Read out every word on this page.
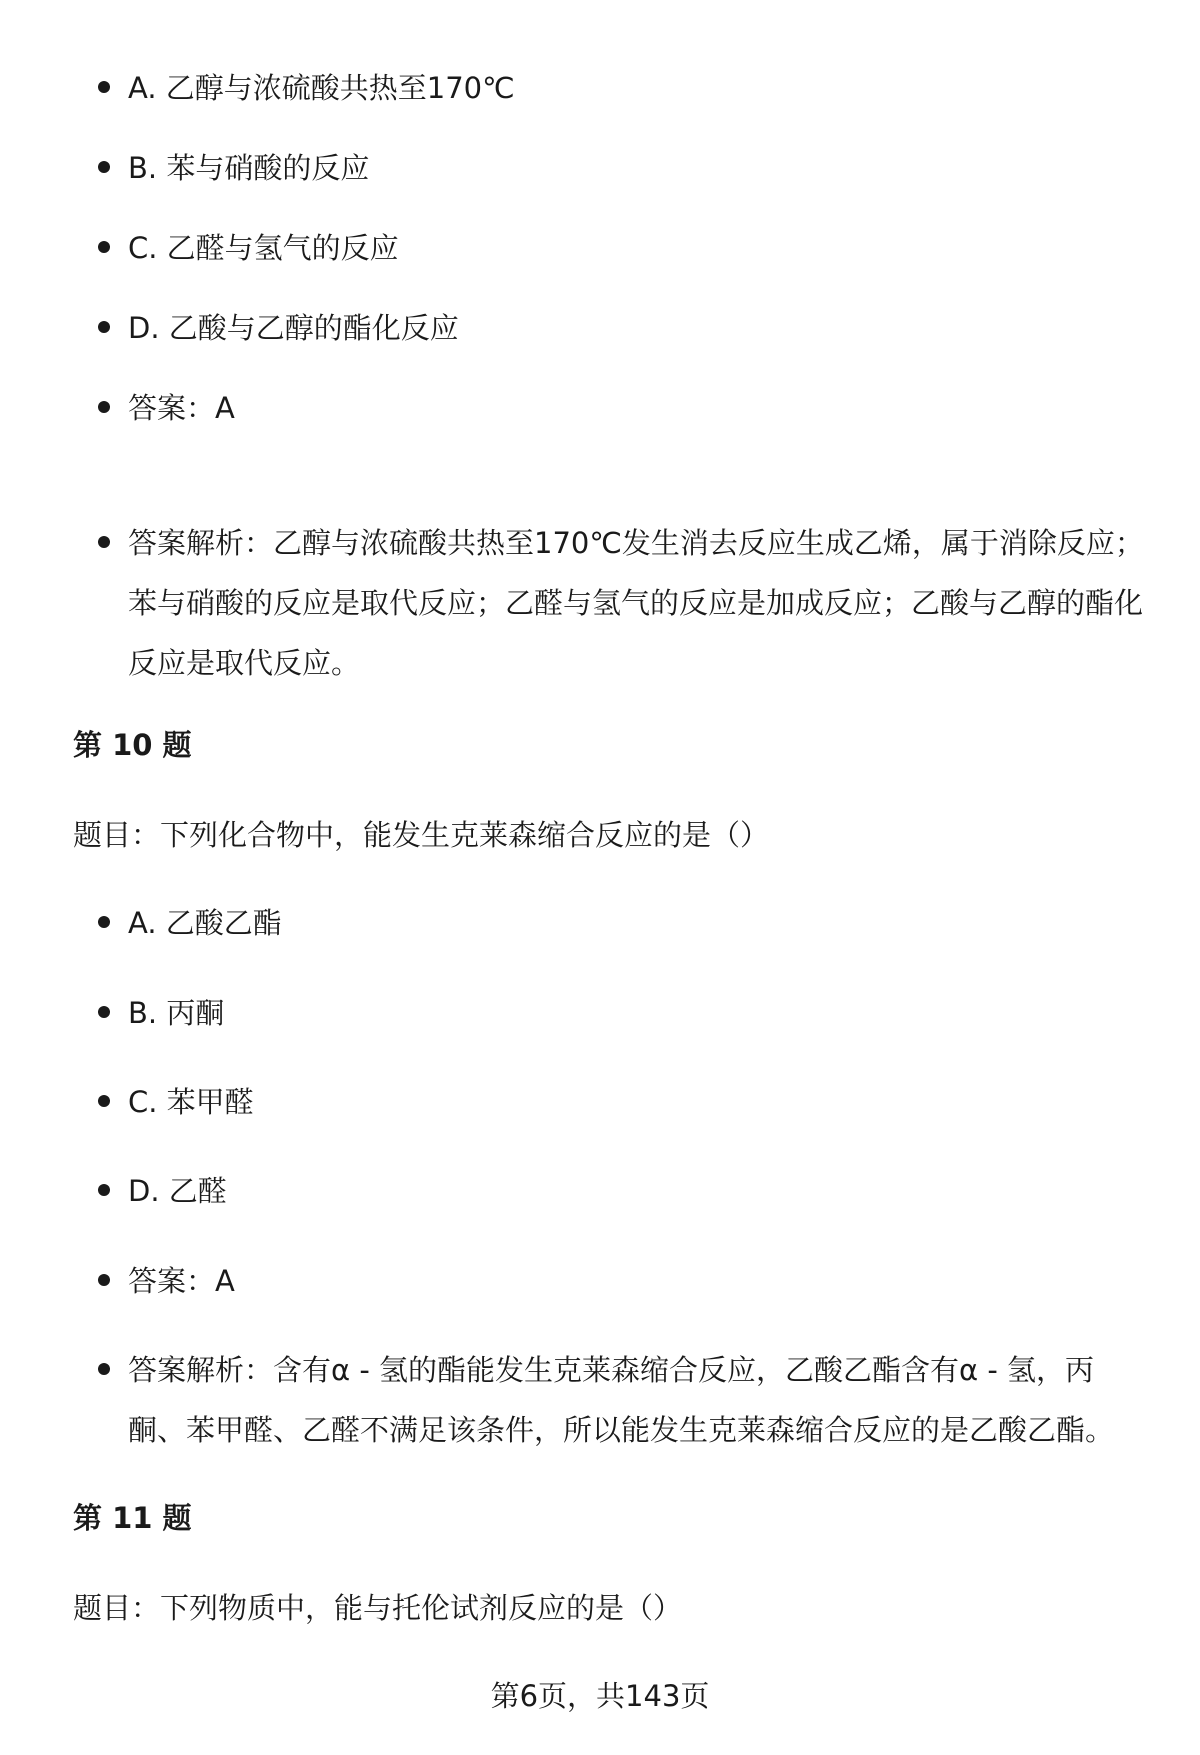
A. 乙醇与浓硫酸共热至170℃
B. 苯与硝酸的反应
C. 乙醛与氢气的反应
D. 乙酸与乙醇的酯化反应
答案：A
答案解析：乙醇与浓硫酸共热至170℃发生消去反应生成乙烯，属于消除反应；苯与硝酸的反应是取代反应；乙醛与氢气的反应是加成反应；乙酸与乙醇的酯化反应是取代反应。
第 10 题
题目：下列化合物中，能发生克莱森缩合反应的是（）
A. 乙酸乙酯
B. 丙酮
C. 苯甲醛
D. 乙醛
答案：A
答案解析：含有α - 氢的酯能发生克莱森缩合反应，乙酸乙酯含有α - 氢，丙酮、苯甲醛、乙醛不满足该条件，所以能发生克莱森缩合反应的是乙酸乙酯。
第 11 题
题目：下列物质中，能与托伦试剂反应的是（）
第6页，共143页
